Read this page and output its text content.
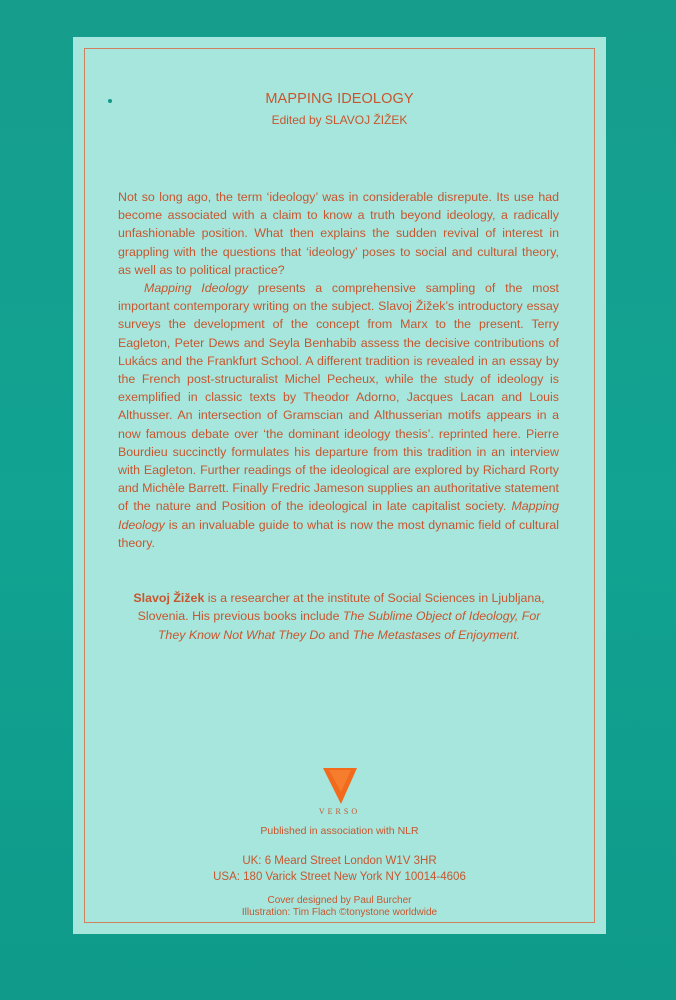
MAPPING IDEOLOGY
Edited by SLAVOJ ŽIŽEK

Not so long ago, the term ‘ideology’ was in considerable disrepute. Its use had become associated with a claim to know a truth beyond ideology, a radically unfashionable position. What then explains the sudden revival of interest in grappling with the questions that ‘ideology’ poses to social and cultural theory, as well as to political practice?

Mapping Ideology presents a comprehensive sampling of the most important contemporary writing on the subject. Slavoj Žižek’s introductory essay surveys the development of the concept from Marx to the present. Terry Eagleton, Peter Dews and Seyla Benhabib assess the decisive contributions of Lukács and the Frankfurt School. A different tradition is revealed in an essay by the French post-structuralist Michel Pecheux, while the study of ideology is exemplified in classic texts by Theodor Adorno, Jacques Lacan and Louis Althusser. An intersection of Gramscian and Althusserian motifs appears in a now famous debate over ‘the dominant ideology thesis’. reprinted here. Pierre Bourdieu succinctly formulates his departure from this tradition in an interview with Eagleton. Further readings of the ideological are explored by Richard Rorty and Michèle Barrett. Finally Fredric Jameson supplies an authoritative statement of the nature and Position of the ideological in late capitalist society. Mapping Ideology is an invaluable guide to what is now the most dynamic field of cultural theory.

Slavoj Žižek is a researcher at the institute of Social Sciences in Ljubljana, Slovenia. His previous books include The Sublime Object of Ideology, For They Know Not What They Do and The Metastases of Enjoyment.
VERSO
Published in association with NLR
UK: 6 Meard Street London W1V 3HR
USA: 180 Varick Street New York NY 10014-4606
Cover designed by Paul Burcher
Illustration: Tim Flach ©tonystone worldwide
